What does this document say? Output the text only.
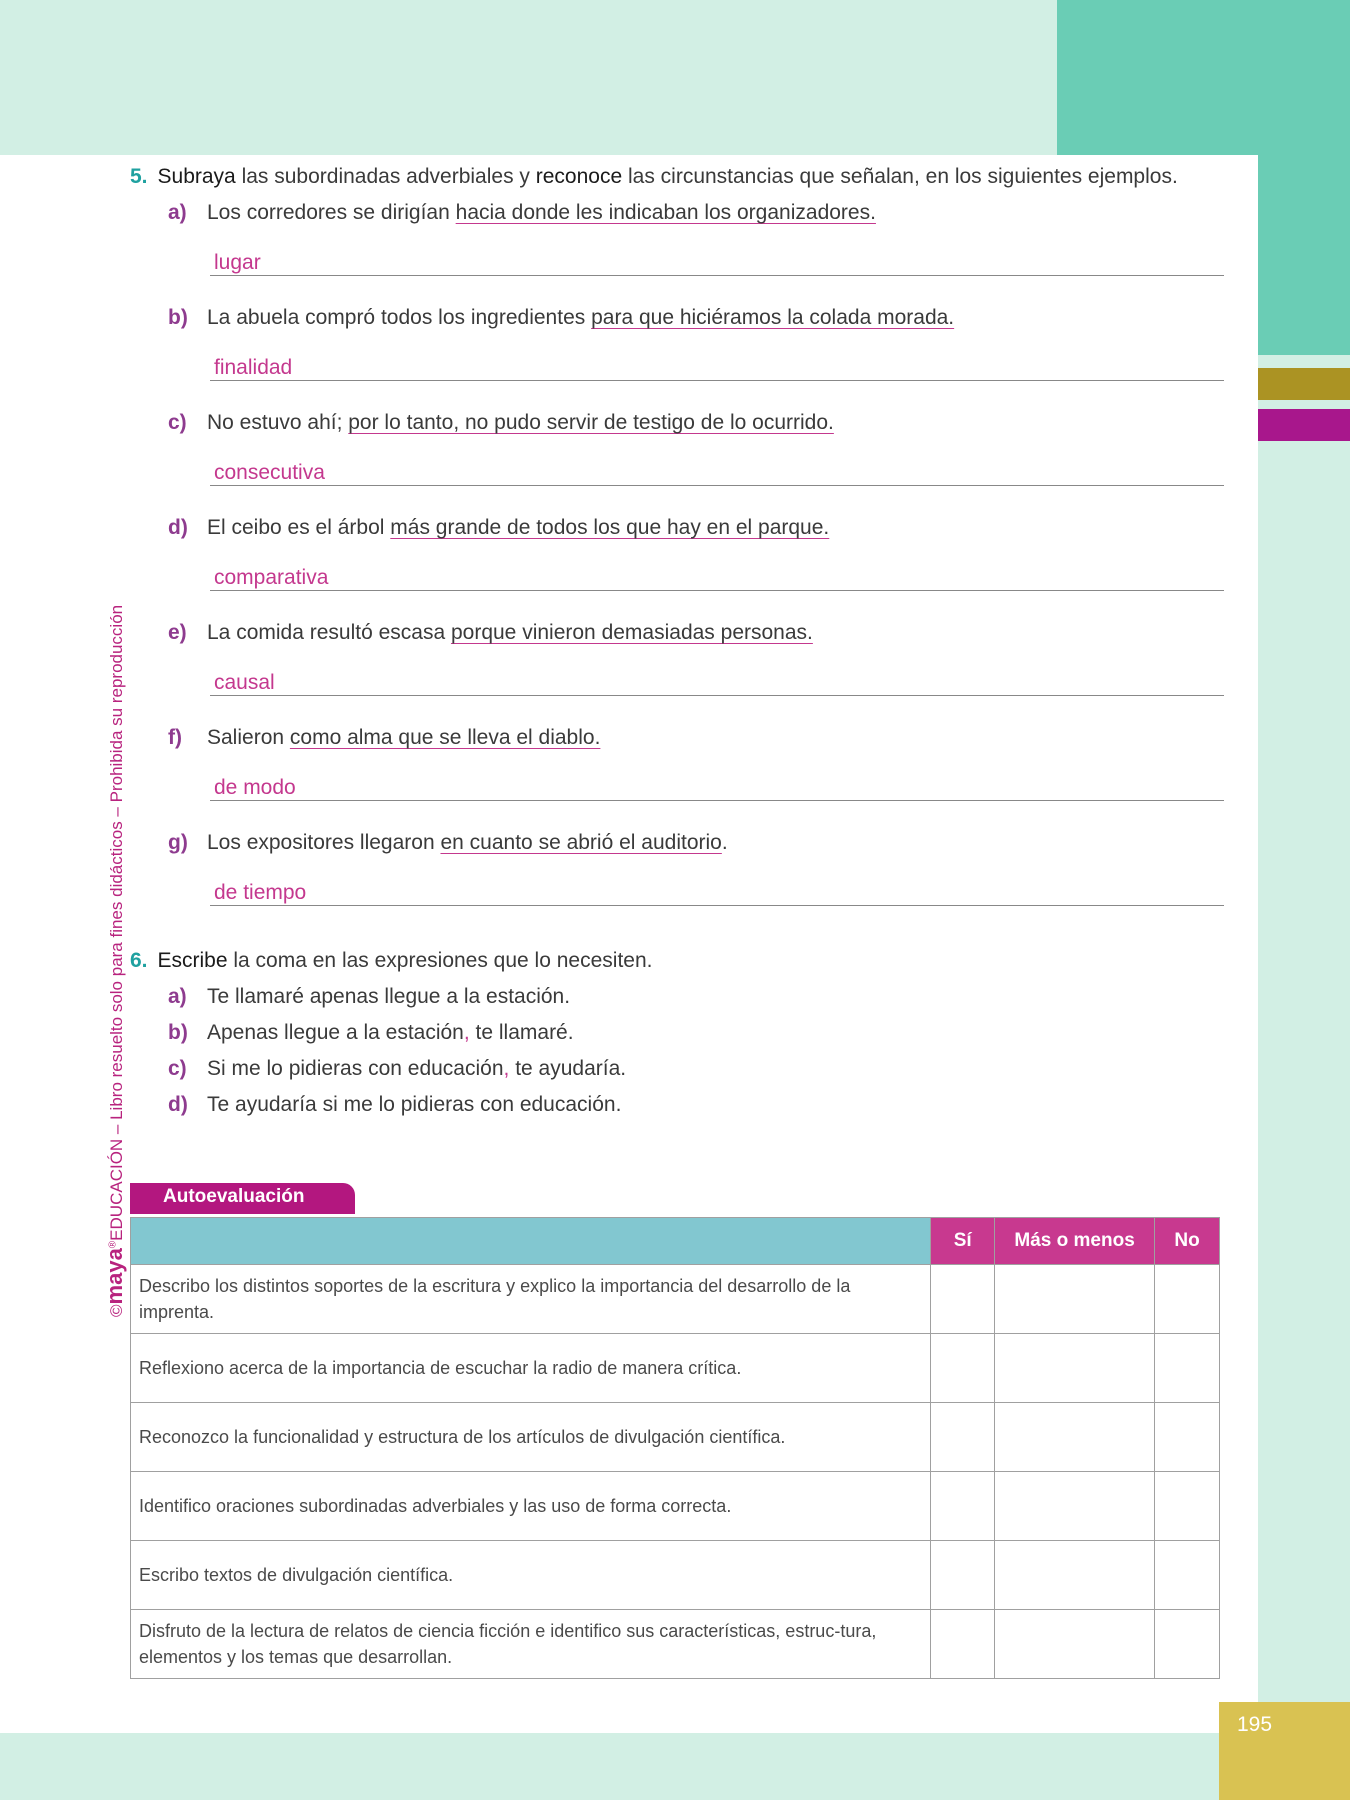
195
©maya®EDUCACIÓN – Libro resuelto solo para fines didácticos – Prohibida su reproducción
5. Subraya las subordinadas adverbiales y reconoce las circunstancias que señalan, en los siguientes ejemplos.
a) Los corredores se dirigían hacia donde les indicaban los organizadores.
lugar
b) La abuela compró todos los ingredientes para que hiciéramos la colada morada.
finalidad
c) No estuvo ahí; por lo tanto, no pudo servir de testigo de lo ocurrido.
consecutiva
d) El ceibo es el árbol más grande de todos los que hay en el parque.
comparativa
e) La comida resultó escasa porque vinieron demasiadas personas.
causal
f) Salieron como alma que se lleva el diablo.
de modo
g) Los expositores llegaron en cuanto se abrió el auditorio.
de tiempo
6. Escribe la coma en las expresiones que lo necesiten.
a) Te llamaré apenas llegue a la estación.
b) Apenas llegue a la estación, te llamaré.
c) Si me lo pidieras con educación, te ayudaría.
d) Te ayudaría si me lo pidieras con educación.
Autoevaluación
	Sí	Más o menos	No
Describo los distintos soportes de la escritura y explico la importancia del desarrollo de la imprenta.			
Reflexiono acerca de la importancia de escuchar la radio de manera crítica.			
Reconozco la funcionalidad y estructura de los artículos de divulgación científica.			
Identifico oraciones subordinadas adverbiales y las uso de forma correcta.			
Escribo textos de divulgación científica.			
Disfruto de la lectura de relatos de ciencia ficción e identifico sus características, estruc-tura, elementos y los temas que desarrollan.			
